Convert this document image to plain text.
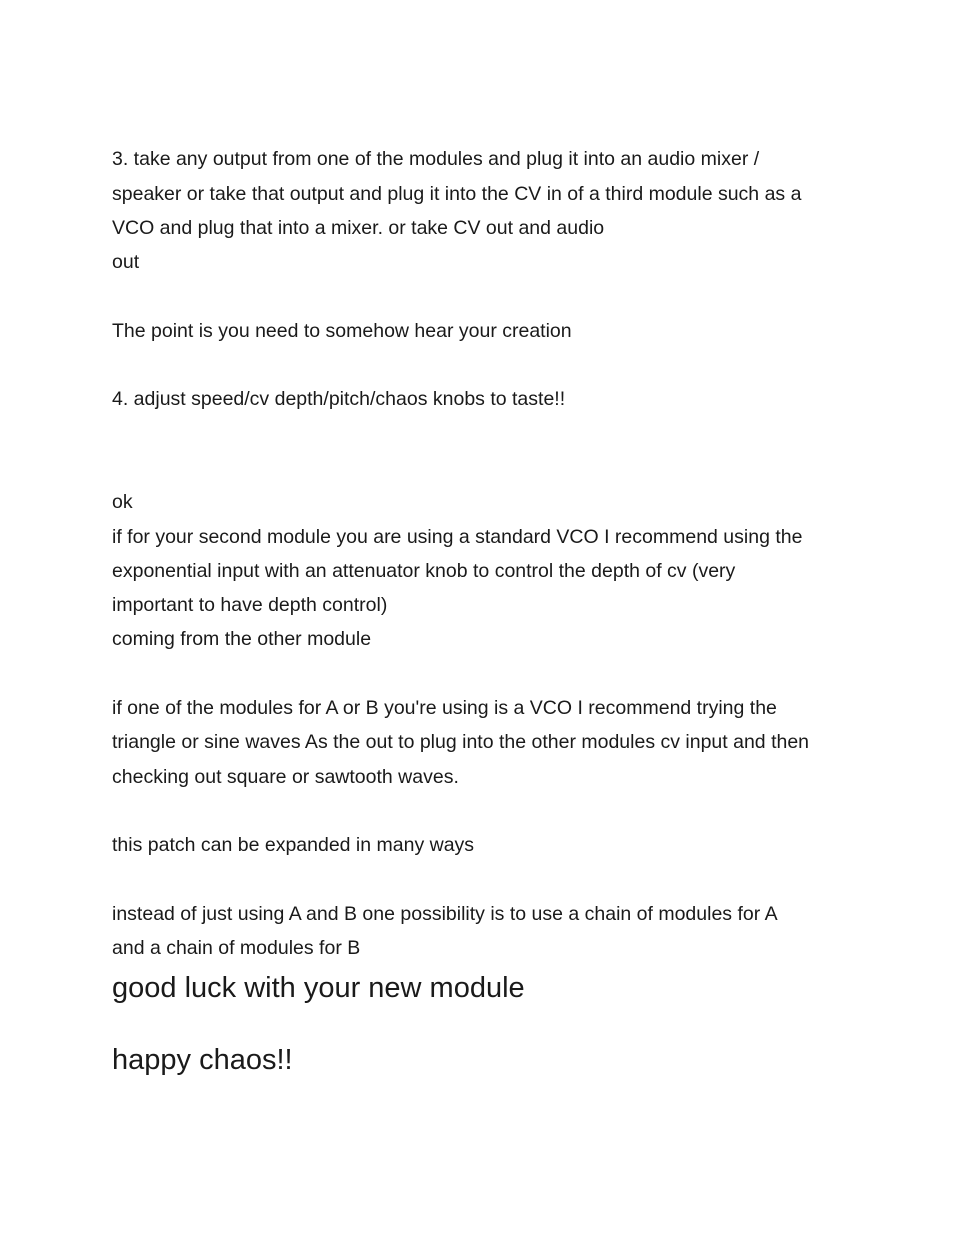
3. take any output from one of the modules and plug it into an audio mixer /
speaker or take that output and plug it into the CV in of a third module such as a
VCO and plug that into a mixer. or take CV out and audio
out
The point is you need to somehow hear your creation
4. adjust speed/cv depth/pitch/chaos knobs to taste!!
ok
if for your second module you are using a standard VCO I recommend using the
exponential input with an attenuator knob to control the depth of cv (very
important to have depth control)
coming from the other module
if one of the modules for A or B you're using is a VCO I recommend trying the
triangle or sine waves As the out to plug into the other modules cv input and then
checking out square or sawtooth waves.
this patch can be expanded in many ways
instead of just using A and B one possibility is to use a chain of modules for A
and a chain of modules for B
good luck with your new module
happy chaos!!
